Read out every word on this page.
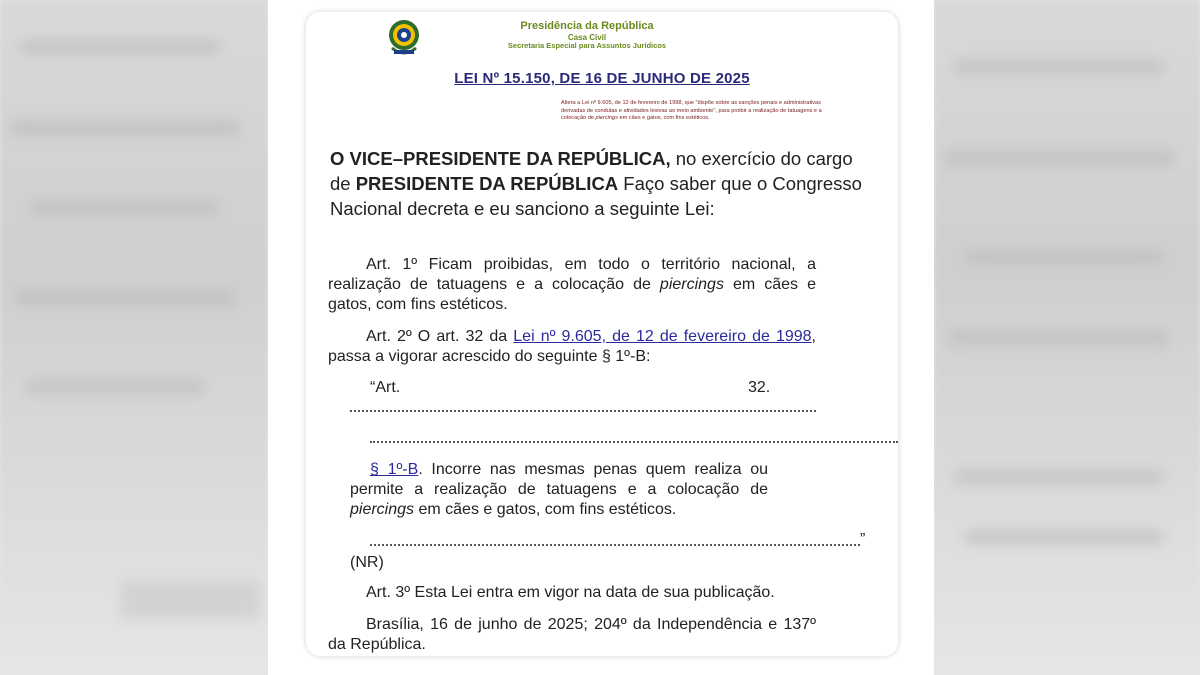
Presidência da República
Casa Civil
Secretaria Especial para Assuntos Jurídicos
LEI Nº 15.150, DE 16 DE JUNHO DE 2025
Altera a Lei nº 9.605, de 12 de fevereiro de 1998, que "dispõe sobre as sanções penais e administrativas derivadas de condutas e atividades lesivas ao meio ambiente", para proibir a realização de tatuagens e a colocação de piercings em cães e gatos, com fins estéticos.
O VICE–PRESIDENTE DA REPÚBLICA, no exercício do cargo de PRESIDENTE DA REPÚBLICA Faço saber que o Congresso Nacional decreta e eu sanciono a seguinte Lei:
Art. 1º Ficam proibidas, em todo o território nacional, a realização de tatuagens e a colocação de piercings em cães e gatos, com fins estéticos.
Art. 2º O art. 32 da Lei nº 9.605, de 12 de fevereiro de 1998, passa a vigorar acrescido do seguinte § 1º-B:
“Art.	32.
§ 1º-B. Incorre nas mesmas penas quem realiza ou permite a realização de tatuagens e a colocação de piercings em cães e gatos, com fins estéticos.
”
(NR)
Art. 3º Esta Lei entra em vigor na data de sua publicação.
Brasília, 16 de junho de 2025; 204º da Independência e 137º da República.
